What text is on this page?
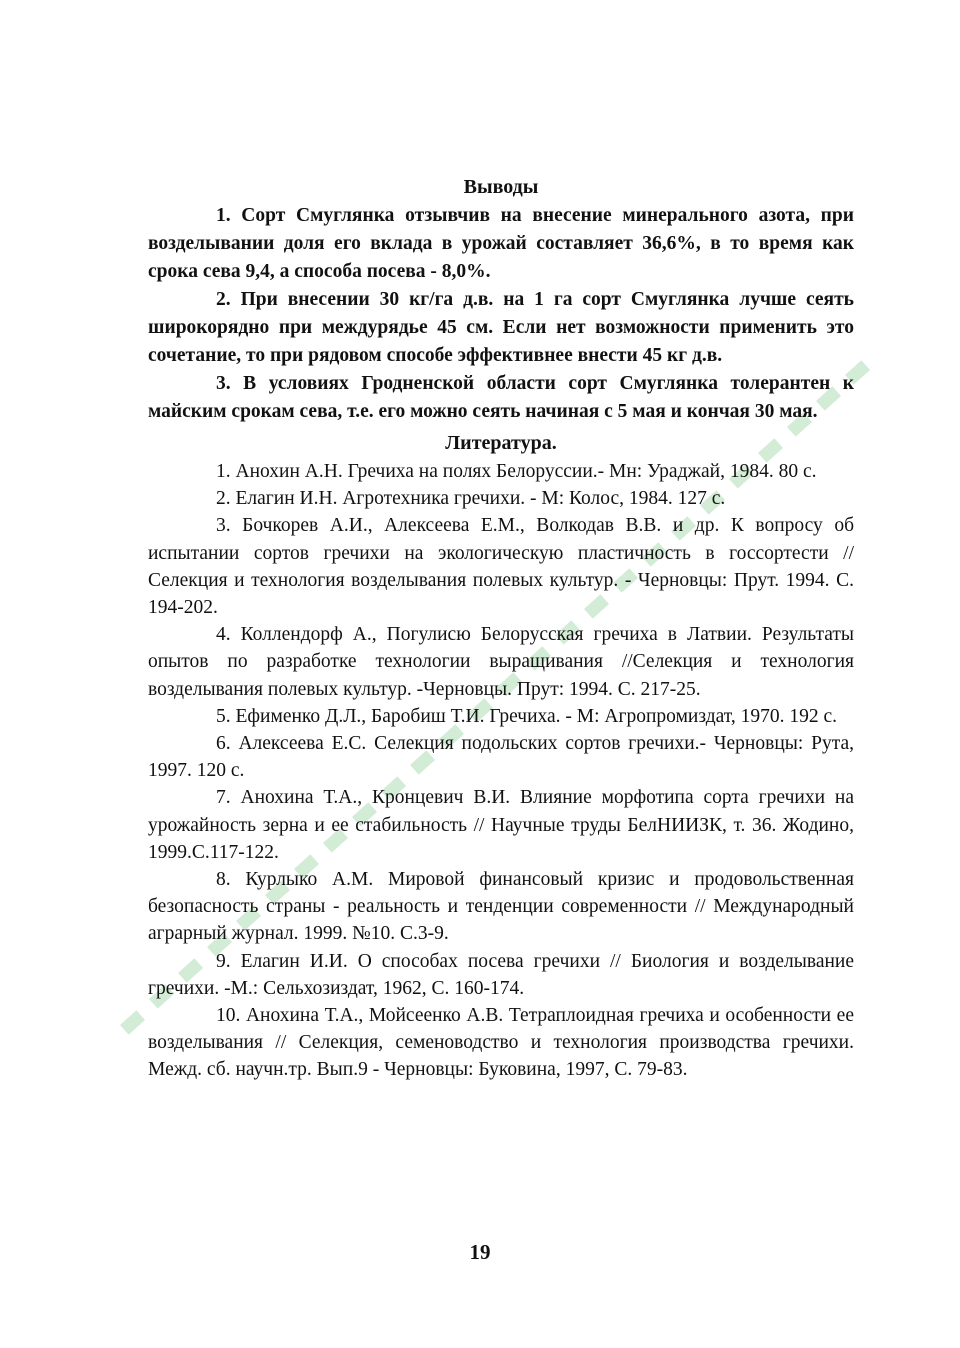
Выводы

1. Сорт Смуглянка отзывчив на внесение минерального азота, при возделывании доля его вклада в урожай составляет 36,6%, в то время как срока сева 9,4, а способа посева - 8,0%.

2. При внесении 30 кг/га д.в. на 1 га сорт Смуглянка лучше сеять широкорядно при междурядье 45 см. Если нет возможности применить это сочетание, то при рядовом способе эффективнее внести 45 кг д.в.

3. В условиях Гродненской области сорт Смуглянка толерантен к майским срокам сева, т.е. его можно сеять начиная с 5 мая и кончая 30 мая.

Литература.
1. Анохин А.Н. Гречиха на полях Белоруссии.- Мн: Ураджай, 1984. 80 с.
2. Елагин И.Н. Агротехника гречихи. - М: Колос, 1984. 127 с.
3. Бочкорев А.И., Алексеева Е.М., Волкодав В.В. и др. К вопросу об испытании сортов гречихи на экологическую пластичность в госсортести // Селекция и технология возделывания полевых культур. - Черновцы: Прут. 1994. С. 194-202.
4. Коллендорф А., Погулисю Белорусская гречиха в Латвии. Результаты опытов по разработке технологии выращивания //Селекция и технология возделывания полевых культур. -Черновцы. Прут: 1994. С. 217-25.
5. Ефименко Д.Л., Баробиш Т.И. Гречиха. - М: Агропромиздат, 1970. 192 с.
6. Алексеева Е.С. Селекция подольских сортов гречихи.- Черновцы: Рута, 1997. 120 с.
7. Анохина Т.А., Кронцевич В.И. Влияние морфотипа сорта гречихи на урожайность зерна и ее стабильность // Научные труды БелНИИЗК, т. 36. Жодино, 1999.С.117-122.
8. Курлыко А.М. Мировой финансовый кризис и продовольственная безопасность страны - реальность и тенденции современности // Международный аграрный журнал. 1999. №10. С.3-9.
9. Елагин И.И. О способах посева гречихи // Биология и возделывание гречихи. -М.: Сельхозиздат, 1962, С. 160-174.
10. Анохина Т.А., Мойсеенко А.В. Тетраплоидная гречиха и особенности ее возделывания // Селекция, семеноводство и технология производства гречихи. Межд. сб. научн.тр. Вып.9 - Черновцы: Буковина, 1997, С. 79-83.
19
